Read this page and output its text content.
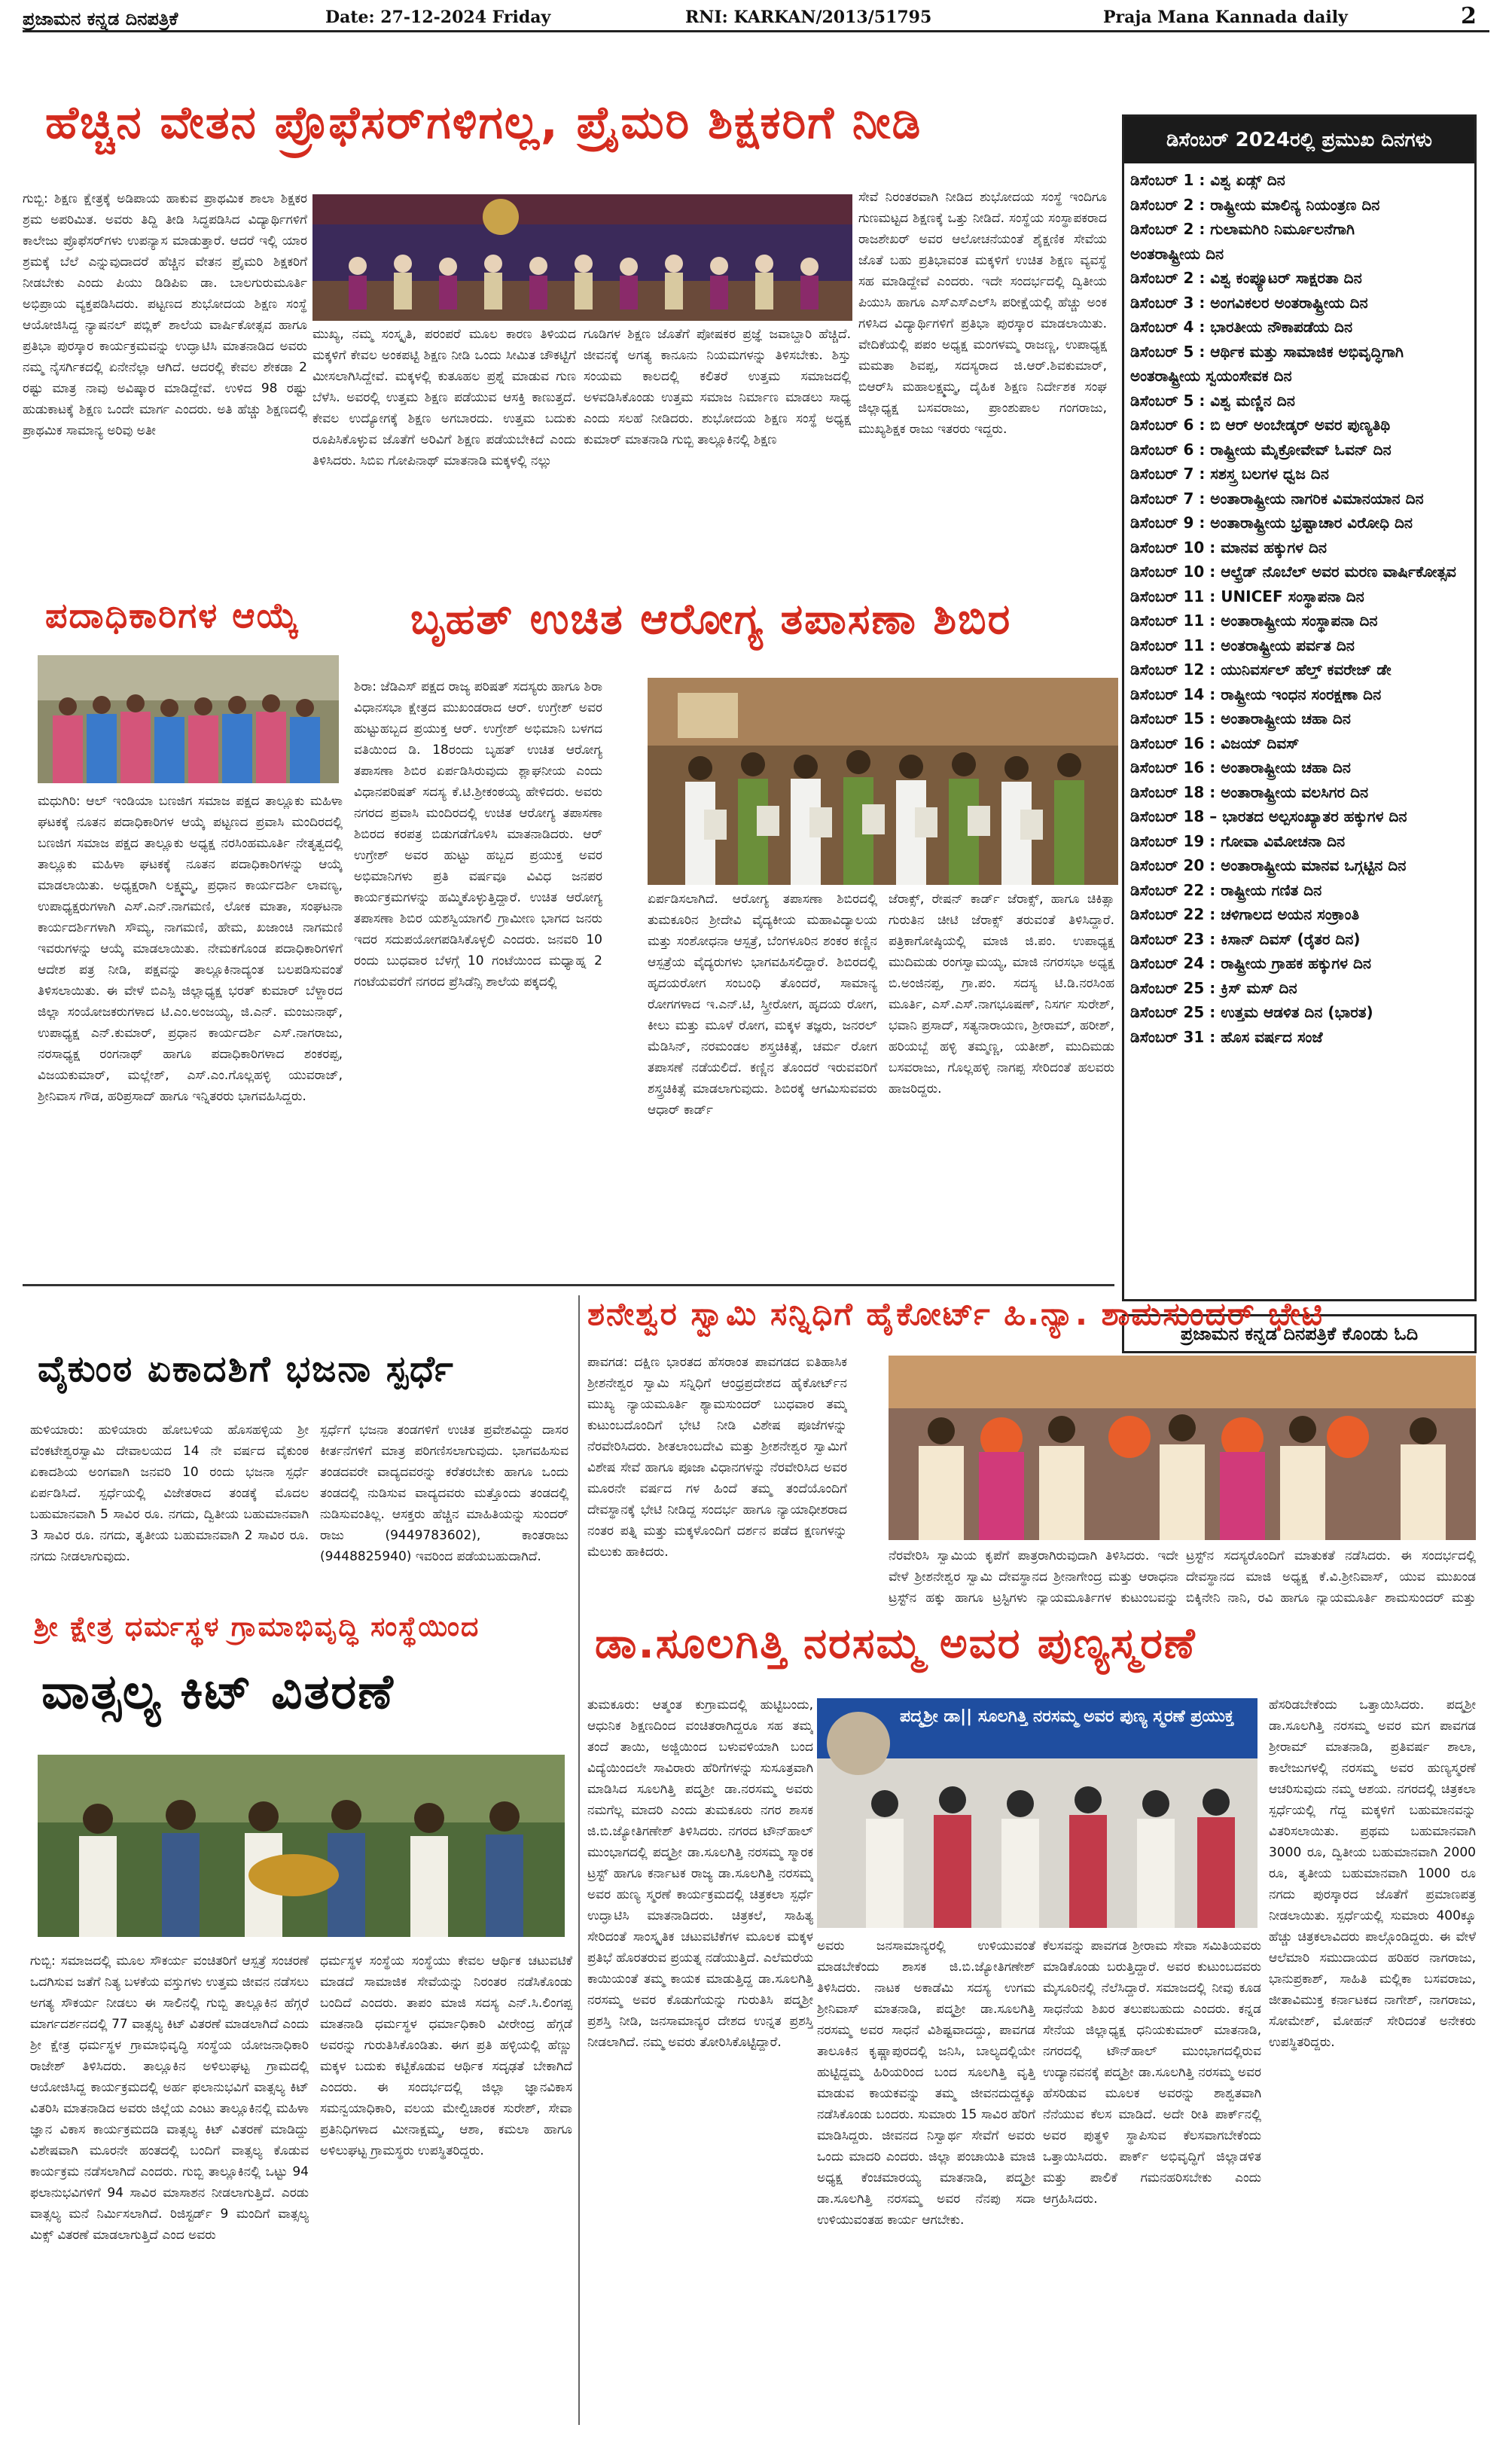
ಪ್ರಜಾಮನ ಕನ್ನಡ ದಿನಪತ್ರಿಕೆ	Date: 27-12-2024 Friday	RNI: KARKAN/2013/51795	Praja Mana Kannada daily	2
ಹೆಚ್ಚಿನ ವೇತನ ಪ್ರೊಫೆಸರ್‌ಗಳಿಗಲ್ಲ, ಪ್ರೈಮರಿ ಶಿಕ್ಷಕರಿಗೆ ನೀಡಿ
ಗುಬ್ಬಿ: ಶಿಕ್ಷಣ ಕ್ಷೇತ್ರಕ್ಕೆ ಅಡಿಪಾಯ ಹಾಕುವ ಪ್ರಾಥಮಿಕ ಶಾಲಾ ಶಿಕ್ಷಕರ ಶ್ರಮ ಅಪರಿಮಿತ. ಅವರು ತಿದ್ದಿ ತೀಡಿ ಸಿದ್ಧಪಡಿಸಿದ ವಿದ್ಯಾರ್ಥಿಗಳಿಗೆ ಕಾಲೇಜು ಪ್ರೊಫೆಸರ್‌ಗಳು ಉಪನ್ಯಾಸ ಮಾಡುತ್ತಾರೆ. ಆದರೆ ಇಲ್ಲಿ ಯಾರ ಶ್ರಮಕ್ಕೆ ಬೆಲೆ ಎನ್ನುವುದಾದರೆ ಹೆಚ್ಚಿನ ವೇತನ ಪ್ರೈಮರಿ ಶಿಕ್ಷಕರಿಗೆ ನೀಡಬೇಕು ಎಂದು ಪಿಯು ಡಿಡಿಪಿಐ ಡಾ. ಬಾಲಗುರುಮೂರ್ತಿ ಅಭಿಪ್ರಾಯ ವ್ಯಕ್ತಪಡಿಸಿದರು. ಪಟ್ಟಣದ ಶುಭೋದಯ ಶಿಕ್ಷಣ ಸಂಸ್ಥೆ ಆಯೋಜಿಸಿದ್ದ ನ್ಯಾಷನಲ್ ಪಬ್ಲಿಕ್ ಶಾಲೆಯ ವಾರ್ಷಿಕೋತ್ಸವ ಹಾಗೂ ಪ್ರತಿಭಾ ಪುರಸ್ಕಾರ ಕಾರ್ಯಕ್ರಮವನ್ನು ಉದ್ಘಾಟಿಸಿ ಮಾತನಾಡಿದ ಅವರು ನಮ್ಮ ನೈಸರ್ಗಿಕದಲ್ಲಿ ಏನೇನೆಲ್ಲಾ ಆಗಿದೆ. ಆದರಲ್ಲಿ ಕೇವಲ ಶೇಕಡಾ 2 ರಷ್ಟು ಮಾತ್ರ ನಾವು ಅವಿಷ್ಕಾರ ಮಾಡಿದ್ದೇವೆ. ಉಳಿದ 98 ರಷ್ಟು ಹುಡುಕಾಟಕ್ಕೆ ಶಿಕ್ಷಣ ಒಂದೇ ಮಾರ್ಗ ಎಂದರು. ಅತಿ ಹೆಚ್ಚು ಶಿಕ್ಷಣದಲ್ಲಿ ಪ್ರಾಥಮಿಕ ಸಾಮಾನ್ಯ ಅರಿವು ಅತೀ
ಮುಖ್ಯ, ನಮ್ಮ ಸಂಸ್ಕೃತಿ, ಪರಂಪರೆ ಮೂಲ ಕಾರಣ ತಿಳಿಯದ ಮಕ್ಕಳಿಗೆ ಕೇವಲ ಅಂಕಪಟ್ಟಿ ಶಿಕ್ಷಣ ನೀಡಿ ಒಂದು ಸೀಮಿತ ಚೌಕಟ್ಟಿಗೆ ಮೀಸಲಾಗಿಸಿದ್ದೇವೆ. ಮಕ್ಕಳಲ್ಲಿ ಕುತೂಹಲ ಪ್ರಶ್ನೆ ಮಾಡುವ ಗುಣ ಬೆಳೆಸಿ. ಅವರಲ್ಲಿ ಉತ್ತಮ ಶಿಕ್ಷಣ ಪಡೆಯುವ ಆಸಕ್ತಿ ಕಾಣುತ್ತದೆ. ಕೇವಲ ಉದ್ಯೋಗಕ್ಕೆ ಶಿಕ್ಷಣ ಅಗಬಾರದು. ಉತ್ತಮ ಬದುಕು ರೂಪಿಸಿಕೊಳ್ಳುವ ಜೊತೆಗೆ ಅರಿವಿಗೆ ಶಿಕ್ಷಣ ಪಡೆಯಬೇಕಿದೆ ಎಂದು ತಿಳಿಸಿದರು. ಸಿಬಿಐ ಗೋಪಿನಾಥ್ ಮಾತನಾಡಿ ಮಕ್ಕಳಲ್ಲಿ ನಲ್ಲು
ಗೂಡಿಗಳ ಶಿಕ್ಷಣ ಜೊತೆಗೆ ಪೋಷಕರ ಪ್ರಜ್ಞೆ ಜವಾಬ್ದಾರಿ ಹೆಚ್ಚಿದೆ. ಜೀವನಕ್ಕೆ ಅಗತ್ಯ ಕಾನೂನು ನಿಯಮಗಳನ್ನು ತಿಳಿಸಬೇಕು. ಶಿಸ್ತು ಸಂಯಮ ಕಾಲದಲ್ಲಿ ಕಲಿತರೆ ಉತ್ತಮ ಸಮಾಜದಲ್ಲಿ ಅಳವಡಿಸಿಕೊಂಡು ಉತ್ತಮ ಸಮಾಜ ನಿರ್ಮಾಣ ಮಾಡಲು ಸಾಧ್ಯ ಎಂದು ಸಲಹೆ ನೀಡಿದರು. ಶುಭೋದಯ ಶಿಕ್ಷಣ ಸಂಸ್ಥೆ ಅಧ್ಯಕ್ಷ ಕುಮಾರ್ ಮಾತನಾಡಿ ಗುಬ್ಬಿ ತಾಲ್ಲೂಕಿನಲ್ಲಿ ಶಿಕ್ಷಣ
ಸೇವೆ ನಿರಂತರವಾಗಿ ನೀಡಿದ ಶುಭೋದಯ ಸಂಸ್ಥೆ ಇಂದಿಗೂ ಗುಣಮಟ್ಟದ ಶಿಕ್ಷಣಕ್ಕೆ ಒತ್ತು ನೀಡಿದೆ. ಸಂಸ್ಥೆಯ ಸಂಸ್ಥಾಪಕರಾದ ರಾಜಶೇಖರ್ ಅವರ ಆಲೋಚನೆಯಂತೆ ಶೈಕ್ಷಣಿಕ ಸೇವೆಯ ಜೊತೆ ಬಹು ಪ್ರತಿಭಾವಂತ ಮಕ್ಕಳಿಗೆ ಉಚಿತ ಶಿಕ್ಷಣ ವ್ಯವಸ್ಥೆ ಸಹ ಮಾಡಿದ್ದೇವೆ ಎಂದರು. ಇದೇ ಸಂದರ್ಭದಲ್ಲಿ ದ್ವಿತೀಯ ಪಿಯುಸಿ ಹಾಗೂ ಎಸ್ಎಸ್ಎಲ್‌ಸಿ ಪರೀಕ್ಷೆಯಲ್ಲಿ ಹೆಚ್ಚು ಅಂಕ ಗಳಿಸಿದ ವಿದ್ಯಾರ್ಥಿಗಳಿಗೆ ಪ್ರತಿಭಾ ಪುರಸ್ಕಾರ ಮಾಡಲಾಯಿತು. ವೇದಿಕೆಯಲ್ಲಿ ಪಪಂ ಅಧ್ಯಕ್ಷ ಮಂಗಳಮ್ಮ ರಾಜಣ್ಣ, ಉಪಾಧ್ಯಕ್ಷ ಮಮತಾ ಶಿವಪ್ಪ, ಸದಸ್ಯರಾದ ಜಿ.ಆರ್.ಶಿವಕುಮಾರ್, ಬಿಆರ್‌ಸಿ ಮಹಾಲಕ್ಷ್ಮಮ್ಮ, ದೈಹಿಕ ಶಿಕ್ಷಣ ನಿರ್ದೇಶಕ ಸಂಘ ಜಿಲ್ಲಾಧ್ಯಕ್ಷ ಬಸವರಾಜು, ಪ್ರಾಂಶುಪಾಲ ಗಂಗರಾಜು, ಮುಖ್ಯಶಿಕ್ಷಕ ರಾಜು ಇತರರು ಇದ್ದರು.
ಡಿಸೆಂಬರ್ 2024ರಲ್ಲಿ ಪ್ರಮುಖ ದಿನಗಳು
ಡಿಸೆಂಬರ್ 1 : ವಿಶ್ವ ಏಡ್ಸ್ ದಿನ
ಡಿಸೆಂಬರ್ 2 : ರಾಷ್ಟ್ರೀಯ ಮಾಲಿನ್ಯ ನಿಯಂತ್ರಣ ದಿನ
ಡಿಸೆಂಬರ್ 2 : ಗುಲಾಮಗಿರಿ ನಿರ್ಮೂಲನೆಗಾಗಿ
ಅಂತರಾಷ್ಟ್ರೀಯ ದಿನ
ಡಿಸೆಂಬರ್ 2 : ವಿಶ್ವ ಕಂಪ್ಯೂಟರ್ ಸಾಕ್ಷರತಾ ದಿನ
ಡಿಸೆಂಬರ್ 3 : ಅಂಗವಿಕಲರ ಅಂತರಾಷ್ಟ್ರೀಯ ದಿನ
ಡಿಸೆಂಬರ್ 4 : ಭಾರತೀಯ ನೌಕಾಪಡೆಯ ದಿನ
ಡಿಸೆಂಬರ್ 5 : ಆರ್ಥಿಕ ಮತ್ತು ಸಾಮಾಜಿಕ ಅಭಿವೃದ್ಧಿಗಾಗಿ
ಅಂತರಾಷ್ಟ್ರೀಯ ಸ್ವಯಂಸೇವಕ ದಿನ
ಡಿಸೆಂಬರ್ 5 : ವಿಶ್ವ ಮಣ್ಣಿನ ದಿನ
ಡಿಸೆಂಬರ್ 6 : ಬಿ ಆರ್ ಅಂಬೇಡ್ಕರ್ ಅವರ ಪುಣ್ಯತಿಥಿ
ಡಿಸೆಂಬರ್ 6 : ರಾಷ್ಟ್ರೀಯ ಮೈಕ್ರೋವೇವ್ ಓವನ್ ದಿನ
ಡಿಸೆಂಬರ್ 7 : ಸಶಸ್ತ್ರ ಬಲಗಳ ಧ್ವಜ ದಿನ
ಡಿಸೆಂಬರ್ 7 : ಅಂತಾರಾಷ್ಟ್ರೀಯ ನಾಗರಿಕ ವಿಮಾನಯಾನ ದಿನ
ಡಿಸೆಂಬರ್ 9 : ಅಂತಾರಾಷ್ಟ್ರೀಯ ಭ್ರಷ್ಟಾಚಾರ ವಿರೋಧಿ ದಿನ
ಡಿಸೆಂಬರ್ 10 : ಮಾನವ ಹಕ್ಕುಗಳ ದಿನ
ಡಿಸೆಂಬರ್ 10 : ಆಲ್ಫ್ರೆಡ್ ನೊಬೆಲ್ ಅವರ ಮರಣ ವಾರ್ಷಿಕೋತ್ಸವ
ಡಿಸೆಂಬರ್ 11 : UNICEF ಸಂಸ್ಥಾಪನಾ ದಿನ
ಡಿಸೆಂಬರ್ 11 : ಅಂತಾರಾಷ್ಟ್ರೀಯ ಸಂಸ್ಥಾಪನಾ ದಿನ
ಡಿಸೆಂಬರ್ 11 : ಅಂತರಾಷ್ಟ್ರೀಯ ಪರ್ವತ ದಿನ
ಡಿಸೆಂಬರ್ 12 : ಯುನಿವರ್ಸಲ್ ಹೆಲ್ತ್ ಕವರೇಜ್ ಡೇ
ಡಿಸೆಂಬರ್ 14 : ರಾಷ್ಟ್ರೀಯ ಇಂಧನ ಸಂರಕ್ಷಣಾ ದಿನ
ಡಿಸೆಂಬರ್ 15 : ಅಂತಾರಾಷ್ಟ್ರೀಯ ಚಹಾ ದಿನ
ಡಿಸೆಂಬರ್ 16 : ವಿಜಯ್ ದಿವಸ್
ಡಿಸೆಂಬರ್ 16 : ಅಂತಾರಾಷ್ಟ್ರೀಯ ಚಹಾ ದಿನ
ಡಿಸೆಂಬರ್ 18 : ಅಂತಾರಾಷ್ಟ್ರೀಯ ವಲಸಿಗರ ದಿನ
ಡಿಸೆಂಬರ್ 18 – ಭಾರತದ ಅಲ್ಪಸಂಖ್ಯಾತರ ಹಕ್ಕುಗಳ ದಿನ
ಡಿಸೆಂಬರ್ 19 : ಗೋವಾ ವಿಮೋಚನಾ ದಿನ
ಡಿಸೆಂಬರ್ 20 : ಅಂತಾರಾಷ್ಟ್ರೀಯ ಮಾನವ ಒಗ್ಗಟ್ಟಿನ ದಿನ
ಡಿಸೆಂಬರ್ 22 : ರಾಷ್ಟ್ರೀಯ ಗಣಿತ ದಿನ
ಡಿಸೆಂಬರ್ 22 : ಚಳಿಗಾಲದ ಅಯನ ಸಂಕ್ರಾಂತಿ
ಡಿಸೆಂಬರ್ 23 : ಕಿಸಾನ್ ದಿವಸ್ (ರೈತರ ದಿನ)
ಡಿಸೆಂಬರ್ 24 : ರಾಷ್ಟ್ರೀಯ ಗ್ರಾಹಕ ಹಕ್ಕುಗಳ ದಿನ
ಡಿಸೆಂಬರ್ 25 : ಕ್ರಿಸ್ ಮಸ್ ದಿನ
ಡಿಸೆಂಬರ್ 25 : ಉತ್ತಮ ಆಡಳಿತ ದಿನ (ಭಾರತ)
ಡಿಸೆಂಬರ್ 31 : ಹೊಸ ವರ್ಷದ ಸಂಜೆ
ಪ್ರಜಾಮನ ಕನ್ನಡ ದಿನಪತ್ರಿಕೆ ಕೊಂಡು ಓದಿ
ಪದಾಧಿಕಾರಿಗಳ ಆಯ್ಕೆ
ಮಧುಗಿರಿ: ಆಲ್ ಇಂಡಿಯಾ ಬಣಜಿಗ ಸಮಾಜ ಪಕ್ಷದ ತಾಲ್ಲೂಕು ಮಹಿಳಾ ಘಟಕಕ್ಕೆ ನೂತನ ಪದಾಧಿಕಾರಿಗಳ ಆಯ್ಕೆ ಪಟ್ಟಣದ ಪ್ರವಾಸಿ ಮಂದಿರದಲ್ಲಿ ಬಣಜಿಗ ಸಮಾಜ ಪಕ್ಷದ ತಾಲ್ಲೂಕು ಅಧ್ಯಕ್ಷ ನರಸಿಂಹಮೂರ್ತಿ ನೇತೃತ್ವದಲ್ಲಿ ತಾಲ್ಲೂಕು ಮಹಿಳಾ ಘಟಕಕ್ಕೆ ನೂತನ ಪದಾಧಿಕಾರಿಗಳನ್ನು ಆಯ್ಕೆ ಮಾಡಲಾಯಿತು. ಅಧ್ಯಕ್ಷರಾಗಿ ಲಕ್ಷ್ಮಮ್ಮ, ಪ್ರಧಾನ ಕಾರ್ಯದರ್ಶಿ ಲಾವಣ್ಯ, ಉಪಾಧ್ಯಕ್ಷರುಗಳಾಗಿ ಎಸ್.ಎನ್.ನಾಗಮಣಿ, ಲೋಕ ಮಾತಾ, ಸಂಘಟನಾ ಕಾರ್ಯದರ್ಶಿಗಳಾಗಿ ಸೌಮ್ಯ, ನಾಗಮಣಿ, ಹೇಮ, ಖಜಾಂಚಿ ನಾಗಮಣಿ ಇವರುಗಳನ್ನು ಆಯ್ಕೆ ಮಾಡಲಾಯಿತು. ನೇಮಕಗೊಂಡ ಪದಾಧಿಕಾರಿಗಳಿಗೆ ಆದೇಶ ಪತ್ರ ನೀಡಿ, ಪಕ್ಷವನ್ನು ತಾಲ್ಲೂಕಿನಾದ್ಯಂತ ಬಲಪಡಿಸುವಂತೆ ತಿಳಿಸಲಾಯಿತು. ಈ ವೇಳೆ ಬಿಎಸ್ಪಿ ಜಿಲ್ಲಾಧ್ಯಕ್ಷ ಭರತ್ ಕುಮಾರ್ ಬೆಳ್ದಾರದ ಜಿಲ್ಲಾ ಸಂಯೋಜಕರುಗಳಾದ ಟಿ.ಎಂ.ಅಂಜಯ್ಯ, ಜಿ.ಎನ್. ಮಂಜುನಾಥ್, ಉಪಾಧ್ಯಕ್ಷ ಎನ್.ಕುಮಾರ್, ಪ್ರಧಾನ ಕಾರ್ಯದರ್ಶಿ ಎಸ್.ನಾಗರಾಜು, ನರಸಾಧ್ಯಕ್ಷ ರಂಗನಾಥ್ ಹಾಗೂ ಪದಾಧಿಕಾರಿಗಳಾದ ಶಂಕರಪ್ಪ, ವಿಜಯಕುಮಾರ್, ಮಲ್ಲೇಶ್, ಎಸ್.ಎಂ.ಗೊಲ್ಲಹಳ್ಳಿ ಯುವರಾಜ್, ಶ್ರೀನಿವಾಸ ಗೌಡ, ಹರಿಪ್ರಸಾದ್ ಹಾಗೂ ಇನ್ನಿತರರು ಭಾಗವಹಿಸಿದ್ದರು.
ಬೃಹತ್ ಉಚಿತ ಆರೋಗ್ಯ ತಪಾಸಣಾ ಶಿಬಿರ
ಶಿರಾ: ಜೆಡಿಎಸ್ ಪಕ್ಷದ ರಾಜ್ಯ ಪರಿಷತ್ ಸದಸ್ಯರು ಹಾಗೂ ಶಿರಾ ವಿಧಾನಸಭಾ ಕ್ಷೇತ್ರದ ಮುಖಂಡರಾದ ಆರ್. ಉಗ್ರೇಶ್ ಅವರ ಹುಟ್ಟುಹಬ್ಬದ ಪ್ರಯುಕ್ತ ಆರ್. ಉಗ್ರೇಶ್ ಅಭಿಮಾನಿ ಬಳಗದ ವತಿಯಿಂದ ಡಿ. 18ರಂದು ಬೃಹತ್ ಉಚಿತ ಆರೋಗ್ಯ ತಪಾಸಣಾ ಶಿಬಿರ ಏರ್ಪಡಿಸಿರುವುದು ಶ್ಲಾಘನೀಯ ಎಂದು ವಿಧಾನಪರಿಷತ್ ಸದಸ್ಯ ಕೆ.ಟಿ.ಶ್ರೀಕಂಠಯ್ಯ ಹೇಳಿದರು. ಅವರು ನಗರದ ಪ್ರವಾಸಿ ಮಂದಿರದಲ್ಲಿ ಉಚಿತ ಆರೋಗ್ಯ ತಪಾಸಣಾ ಶಿಬಿರದ ಕರಪತ್ರ ಬಿಡುಗಡೆಗೊಳಿಸಿ ಮಾತನಾಡಿದರು. ಆರ್ ಉಗ್ರೇಶ್ ಅವರ ಹುಟ್ಟು ಹಬ್ಬದ ಪ್ರಯುಕ್ತ ಅವರ ಅಭಿಮಾನಿಗಳು ಪ್ರತಿ ವರ್ಷವೂ ವಿವಿಧ ಜನಪರ ಕಾರ್ಯಕ್ರಮಗಳನ್ನು ಹಮ್ಮಿಕೊಳ್ಳುತ್ತಿದ್ದಾರೆ. ಉಚಿತ ಆರೋಗ್ಯ ತಪಾಸಣಾ ಶಿಬಿರ ಯಶಸ್ವಿಯಾಗಲಿ ಗ್ರಾಮೀಣ ಭಾಗದ ಜನರು ಇದರ ಸದುಪಯೋಗಪಡಿಸಿಕೊಳ್ಳಲಿ ಎಂದರು. ಜನವರಿ 10 ರಂದು ಬುಧವಾರ ಬೆಳಗ್ಗೆ 10 ಗಂಟೆಯಿಂದ ಮಧ್ಯಾಹ್ನ 2 ಗಂಟೆಯವರೆಗೆ ನಗರದ ಪ್ರೆಸಿಡೆನ್ಸಿ ಶಾಲೆಯ ಪಕ್ಕದಲ್ಲಿ
ಏರ್ಪಡಿಸಲಾಗಿದೆ. ಆರೋಗ್ಯ ತಪಾಸಣಾ ಶಿಬಿರದಲ್ಲಿ ತುಮಕೂರಿನ ಶ್ರೀದೇವಿ ವೈದ್ಯಕೀಯ ಮಹಾವಿದ್ಯಾಲಯ ಮತ್ತು ಸಂಶೋಧನಾ ಆಸ್ಪತ್ರೆ, ಬೆಂಗಳೂರಿನ ಶಂಕರ ಕಣ್ಣಿನ ಆಸ್ಪತ್ರೆಯ ವೈದ್ಯರುಗಳು ಭಾಗವಹಿಸಲಿದ್ದಾರೆ. ಶಿಬಿರದಲ್ಲಿ ಹೃದಯರೋಗ ಸಂಬಂಧಿ ತೊಂದರೆ, ಸಾಮಾನ್ಯ ರೋಗಗಳಾದ ಇ.ಎನ್.ಟಿ, ಸ್ತ್ರೀರೋಗ, ಹೃದಯ ರೋಗ, ಕೀಲು ಮತ್ತು ಮೂಳೆ ರೋಗ, ಮಕ್ಕಳ ತಜ್ಞರು, ಜನರಲ್ ಮೆಡಿಸಿನ್, ನರಮಂಡಲ ಶಸ್ತ್ರಚಿಕಿತ್ಸೆ, ಚರ್ಮ ರೋಗ ತಪಾಸಣೆ ನಡೆಯಲಿದೆ. ಕಣ್ಣಿನ ತೊಂದರೆ ಇರುವವರಿಗೆ ಶಸ್ತ್ರಚಿಕಿತ್ಸೆ ಮಾಡಲಾಗುವುದು. ಶಿಬಿರಕ್ಕೆ ಆಗಮಿಸುವವರು ಆಧಾರ್ ಕಾರ್ಡ್
ಜೆರಾಕ್ಸ್, ರೇಷನ್ ಕಾರ್ಡ್ ಜೆರಾಕ್ಸ್, ಹಾಗೂ ಚಿಕಿತ್ಸಾ ಗುರುತಿನ ಚೀಟಿ ಜೆರಾಕ್ಸ್ ತರುವಂತೆ ತಿಳಿಸಿದ್ದಾರೆ. ಪತ್ರಿಕಾಗೋಷ್ಠಿಯಲ್ಲಿ ಮಾಜಿ ಜಿ.ಪಂ. ಉಪಾಧ್ಯಕ್ಷ ಮುದಿಮಡು ರಂಗಸ್ವಾಮಯ್ಯ, ಮಾಜಿ ನಗರಸಭಾ ಅಧ್ಯಕ್ಷ ಬಿ.ಅಂಜಿನಪ್ಪ, ಗ್ರಾ.ಪಂ. ಸದಸ್ಯ ಟಿ.ಡಿ.ನರಸಿಂಹ ಮೂರ್ತಿ, ಎಸ್.ಎಸ್.ನಾಗಭೂಷಣ್, ನಿಸರ್ಗ ಸುರೇಶ್, ಭವಾನಿ ಪ್ರಸಾದ್, ಸತ್ಯನಾರಾಯಣ, ಶ್ರೀರಾಮ್, ಹರೀಶ್, ಹರಿಯಬ್ಬೆ ಹಳ್ಳಿ ತಮ್ಮಣ್ಣ, ಯತೀಶ್, ಮುದಿಮಡು ಬಸವರಾಜು, ಗೊಲ್ಲಹಳ್ಳಿ ನಾಗಪ್ಪ ಸೇರಿದಂತೆ ಹಲವರು ಹಾಜರಿದ್ದರು.
ವೈಕುಂಠ ಏಕಾದಶಿಗೆ ಭಜನಾ ಸ್ಪರ್ಧೆ
ಹುಳಿಯಾರು: ಹುಳಿಯಾರು ಹೋಬಳಿಯ ಹೊಸಹಳ್ಳಿಯ ಶ್ರೀ ವೆಂಕಟೇಶ್ವರಸ್ವಾಮಿ ದೇವಾಲಯದ 14 ನೇ ವರ್ಷದ ವೈಕುಂಠ ಏಕಾದಶಿಯ ಅಂಗವಾಗಿ ಜನವರಿ 10 ರಂದು ಭಜನಾ ಸ್ಪರ್ಧೆ ಏರ್ಪಡಿಸಿದೆ. ಸ್ಪರ್ಧೆಯಲ್ಲಿ ವಿಜೇತರಾದ ತಂಡಕ್ಕೆ ಮೊದಲ ಬಹುಮಾನವಾಗಿ 5 ಸಾವಿರ ರೂ. ನಗದು, ದ್ವಿತೀಯ ಬಹುಮಾನವಾಗಿ 3 ಸಾವಿರ ರೂ. ನಗದು, ತೃತೀಯ ಬಹುಮಾನವಾಗಿ 2 ಸಾವಿರ ರೂ. ನಗದು ನೀಡಲಾಗುವುದು.
ಸ್ಪರ್ಧೆಗೆ ಭಜನಾ ತಂಡಗಳಿಗೆ ಉಚಿತ ಪ್ರವೇಶವಿದ್ದು ದಾಸರ ಕೀರ್ತನೆಗಳಿಗೆ ಮಾತ್ರ ಪರಿಗಣಿಸಲಾಗುವುದು. ಭಾಗವಹಿಸುವ ತಂಡದವರೇ ವಾದ್ಯದವರನ್ನು ಕರೆತರಬೇಕು ಹಾಗೂ ಒಂದು ತಂಡದಲ್ಲಿ ನುಡಿಸುವ ವಾದ್ಯದವರು ಮತ್ತೊಂದು ತಂಡದಲ್ಲಿ ನುಡಿಸುವಂತಿಲ್ಲ. ಆಸಕ್ತರು ಹೆಚ್ಚಿನ ಮಾಹಿತಿಯನ್ನು ಸುಂದರ್ ರಾಜು (9449783602), ಕಾಂತರಾಜು (9448825940) ಇವರಿಂದ ಪಡೆಯಬಹುದಾಗಿದೆ.
ಶನೇಶ್ವರ ಸ್ವಾಮಿ ಸನ್ನಿಧಿಗೆ ಹೈಕೋರ್ಟ್ ಹಿ.ನ್ಯಾ. ಶಾಮಸುಂದರ್ ಭೇಟಿ
ಪಾವಗಡ: ದಕ್ಷಿಣ ಭಾರತದ ಹೆಸರಾಂತ ಪಾವಗಡದ ಐತಿಹಾಸಿಕ ಶ್ರೀಶನೇಶ್ವರ ಸ್ವಾಮಿ ಸನ್ನಿಧಿಗೆ ಆಂಧ್ರಪ್ರದೇಶದ ಹೈಕೋರ್ಟ್‌ನ ಮುಖ್ಯ ನ್ಯಾಯಮೂರ್ತಿ ಶ್ಯಾಮಸುಂದರ್ ಬುಧವಾರ ತಮ್ಮ ಕುಟುಂಬದೊಂದಿಗೆ ಭೇಟಿ ನೀಡಿ ವಿಶೇಷ ಪೂಜೆಗಳನ್ನು ನೆರವೇರಿಸಿದರು. ಶೀತಲಾಂಬದೇವಿ ಮತ್ತು ಶ್ರೀಶನೇಶ್ವರ ಸ್ವಾಮಿಗೆ ವಿಶೇಷ ಸೇವೆ ಹಾಗೂ ಪೂಜಾ ವಿಧಾನಗಳನ್ನು ನೆರವೇರಿಸಿದ ಅವರ ಮೂರನೇ ವರ್ಷದ ಗಳ ಹಿಂದೆ ತಮ್ಮ ತಂದೆಯೊಂದಿಗೆ ದೇವಸ್ಥಾನಕ್ಕೆ ಭೇಟಿ ನೀಡಿದ್ದ ಸಂದರ್ಭ ಹಾಗೂ ನ್ಯಾಯಾಧೀಶರಾದ ನಂತರ ಪತ್ನಿ ಮತ್ತು ಮಕ್ಕಳೊಂದಿಗೆ ದರ್ಶನ ಪಡೆದ ಕ್ಷಣಗಳನ್ನು ಮೆಲುಕು ಹಾಕಿದರು.	ನೆರವೇರಿಸಿ ಸ್ವಾಮಿಯ ಕೃಪೆಗೆ ಪಾತ್ರರಾಗಿರುವುದಾಗಿ ತಿಳಿಸಿದರು. ಇದೇ ವೇಳೆ ಶ್ರೀಶನೇಶ್ವರ ಸ್ವಾಮಿ ದೇವಸ್ಥಾನದ ಶ್ರೀನಾಗೇಂದ್ರ ಮತ್ತು ಆರಾಧನಾ ಟ್ರಸ್ಟ್‌ನ ಹಕ್ಕು ಹಾಗೂ ಟ್ರಸ್ಟಿಗಳು ನ್ಯಾಯಮೂರ್ತಿಗಳ ಕುಟುಂಬವನ್ನು
ಟ್ರಸ್ಟ್‌ನ ಸದಸ್ಯರೊಂದಿಗೆ ಮಾತುಕತೆ ನಡೆಸಿದರು. ಈ ಸಂದರ್ಭದಲ್ಲಿ ದೇವಸ್ಥಾನದ ಮಾಜಿ ಅಧ್ಯಕ್ಷ ಕೆ.ವಿ.ಶ್ರೀನಿವಾಸ್, ಯುವ ಮುಖಂಡ ಬಿಕ್ಕಿನೇನಿ ನಾನಿ, ರವಿ ಹಾಗೂ ನ್ಯಾಯಮೂರ್ತಿ ಶಾಮಸುಂದರ್ ಮತ್ತು
ಶ್ರೀ ಕ್ಷೇತ್ರ ಧರ್ಮಸ್ಥಳ ಗ್ರಾಮಾಭಿವೃದ್ಧಿ ಸಂಸ್ಥೆಯಿಂದ
ವಾತ್ಸಲ್ಯ ಕಿಟ್ ವಿತರಣೆ
ಗುಬ್ಬಿ: ಸಮಾಜದಲ್ಲಿ ಮೂಲ ಸೌಕರ್ಯ ವಂಚಿತರಿಗೆ ಆಸ್ಪತ್ರೆ ಸಂಚರಣೆ ಒದಗಿಸುವ ಜತೆಗೆ ನಿತ್ಯ ಬಳಕೆಯ ವಸ್ತುಗಳು ಉತ್ತಮ ಜೀವನ ನಡೆಸಲು ಅಗತ್ಯ ಸೌಕರ್ಯ ನೀಡಲು ಈ ಸಾಲಿನಲ್ಲಿ ಗುಬ್ಬಿ ತಾಲ್ಲೂಕಿನ ಹೆಗ್ಗರೆ ಮಾರ್ಗದರ್ಶನದಲ್ಲಿ 77 ವಾತ್ಸಲ್ಯ ಕಿಟ್ ವಿತರಣೆ ಮಾಡಲಾಗಿದೆ ಎಂದು ಶ್ರೀ ಕ್ಷೇತ್ರ ಧರ್ಮಸ್ಥಳ ಗ್ರಾಮಾಭಿವೃದ್ಧಿ ಸಂಸ್ಥೆಯ ಯೋಜನಾಧಿಕಾರಿ ರಾಜೇಶ್ ತಿಳಿಸಿದರು. ತಾಲ್ಲೂಕಿನ ಅಳಿಲುಘಟ್ಟ ಗ್ರಾಮದಲ್ಲಿ ಆಯೋಜಿಸಿದ್ದ ಕಾರ್ಯಕ್ರಮದಲ್ಲಿ ಅರ್ಹ ಫಲಾನುಭವಿಗೆ ವಾತ್ಸಲ್ಯ ಕಿಟ್ ವಿತರಿಸಿ ಮಾತನಾಡಿದ ಅವರು ಜಿಲ್ಲೆಯ ಎಂಟು ತಾಲ್ಲೂಕಿನಲ್ಲಿ ಮಹಿಳಾ ಜ್ಞಾನ ವಿಕಾಸ ಕಾರ್ಯಕ್ರಮದಡಿ ವಾತ್ಸಲ್ಯ ಕಿಟ್ ವಿತರಣೆ ಮಾಡಿದ್ದು ವಿಶೇಷವಾಗಿ ಮೂರನೇ ಹಂತದಲ್ಲಿ ಬಂದಿಗೆ ವಾತ್ಸಲ್ಯ ಕೊಡುವ ಕಾರ್ಯಕ್ರಮ ನಡೆಸಲಾಗಿದೆ ಎಂದರು. ಗುಬ್ಬಿ ತಾಲ್ಲೂಕಿನಲ್ಲಿ ಒಟ್ಟು 94 ಫಲಾನುಭವಿಗಳಿಗೆ 94 ಸಾವಿರ ಮಾಸಾಶನ ನೀಡಲಾಗುತ್ತಿದೆ. ಎರಡು ವಾತ್ಸಲ್ಯ ಮನೆ ನಿರ್ಮಿಸಲಾಗಿದೆ. ರಿಜಿಸ್ಟರ್ಡ್ 9 ಮಂದಿಗೆ ವಾತ್ಸಲ್ಯ ಮಿಕ್ಸ್ ವಿತರಣೆ ಮಾಡಲಾಗುತ್ತಿದೆ ಎಂದ ಅವರು
ಧರ್ಮಸ್ಥಳ ಸಂಸ್ಥೆಯ ಸಂಸ್ಥೆಯು ಕೇವಲ ಆರ್ಥಿಕ ಚಟುವಟಿಕೆ ಮಾಡದೆ ಸಾಮಾಜಿಕ ಸೇವೆಯನ್ನು ನಿರಂತರ ನಡೆಸಿಕೊಂಡು ಬಂದಿದೆ ಎಂದರು. ತಾಪಂ ಮಾಜಿ ಸದಸ್ಯ ಎನ್.ಸಿ.ಲಿಂಗಪ್ಪ ಮಾತನಾಡಿ ಧರ್ಮಸ್ಥಳ ಧರ್ಮಾಧಿಕಾರಿ ವೀರೇಂದ್ರ ಹೆಗ್ಗಡೆ ಅವರನ್ನು ಗುರುತಿಸಿಕೊಂಡಿತು. ಈಗ ಪ್ರತಿ ಹಳ್ಳಿಯಲ್ಲಿ ಹೆಣ್ಣು ಮಕ್ಕಳ ಬದುಕು ಕಟ್ಟಿಕೊಡುವ ಆರ್ಥಿಕ ಸದೃಢತೆ ಬೇಕಾಗಿದೆ ಎಂದರು. ಈ ಸಂದರ್ಭದಲ್ಲಿ ಜಿಲ್ಲಾ ಜ್ಞಾನವಿಕಾಸ ಸಮನ್ವಯಾಧಿಕಾರಿ, ವಲಯ ಮೇಲ್ವಿಚಾರಕ ಸುರೇಶ್, ಸೇವಾ ಪ್ರತಿನಿಧಿಗಳಾದ ಮೀನಾಕ್ಷಮ್ಮ, ಆಶಾ, ಕಮಲಾ ಹಾಗೂ ಅಳಿಲುಘಟ್ಟ ಗ್ರಾಮಸ್ಥರು ಉಪಸ್ಥಿತರಿದ್ದರು.
ಡಾ.ಸೂಲಗಿತ್ತಿ ನರಸಮ್ಮ ಅವರ ಪುಣ್ಯಸ್ಮರಣೆ
ತುಮಕೂರು: ಆತ್ಮಂತ ಕುಗ್ರಾಮದಲ್ಲಿ ಹುಟ್ಟಿಬಂದು, ಆಧುನಿಕ ಶಿಕ್ಷಣದಿಂದ ವಂಚಿತರಾಗಿದ್ದರೂ ಸಹ ತಮ್ಮ ತಂದೆ ತಾಯಿ, ಅಜ್ಜಿಯಿಂದ ಬಳುವಳಿಯಾಗಿ ಬಂದ ವಿದ್ಯೆಯಿಂದಲೇ ಸಾವಿರಾರು ಹೆರಿಗೆಗಳನ್ನು ಸುಸೂತ್ರವಾಗಿ ಮಾಡಿಸಿದ ಸೂಲಗಿತ್ತಿ ಪದ್ಮಶ್ರೀ ಡಾ.ನರಸಮ್ಮ ಅವರು ನಮಗೆಲ್ಲ ಮಾದರಿ ಎಂದು ತುಮಕೂರು ನಗರ ಶಾಸಕ ಜಿ.ಬಿ.ಜ್ಯೋತಿಗಣೇಶ್ ತಿಳಿಸಿದರು. ನಗರದ ಟೌನ್‌ಹಾಲ್ ಮುಂಭಾಗದಲ್ಲಿ ಪದ್ಮಶ್ರೀ ಡಾ.ಸೂಲಗಿತ್ತಿ ನರಸಮ್ಮ ಸ್ಮಾರಕ ಟ್ರಸ್ಟ್ ಹಾಗೂ ಕರ್ನಾಟಕ ರಾಜ್ಯ ಡಾ.ಸೂಲಗಿತ್ತಿ ನರಸಮ್ಮ ಅವರ ಹುಣ್ಯ ಸ್ಮರಣೆ ಕಾರ್ಯಕ್ರಮದಲ್ಲಿ ಚಿತ್ರಕಲಾ ಸ್ಪರ್ಧೆ ಉದ್ಘಾಟಿಸಿ ಮಾತನಾಡಿದರು. ಚಿತ್ರಕಲೆ, ಸಾಹಿತ್ಯ ಸೇರಿದಂತೆ ಸಾಂಸ್ಕೃತಿಕ ಚಟುವಟಿಕೆಗಳ ಮೂಲಕ ಮಕ್ಕಳ ಪ್ರತಿಭೆ ಹೊರತರುವ ಪ್ರಯತ್ನ ನಡೆಯುತ್ತಿದೆ. ಎಲೆಮರೆಯ ಕಾಯಿಯಂತೆ ತಮ್ಮ ಕಾಯಕ ಮಾಡುತ್ತಿದ್ದ ಡಾ.ಸೂಲಗಿತ್ತಿ ನರಸಮ್ಮ ಅವರ ಕೊಡುಗೆಯನ್ನು ಗುರುತಿಸಿ ಪದ್ಮಶ್ರೀ ಪ್ರಶಸ್ತಿ ನೀಡಿ, ಜನಸಾಮಾನ್ಯರ ದೇಶದ ಉನ್ನತ ಪ್ರಶಸ್ತಿ ನೀಡಲಾಗಿದೆ. ನಮ್ಮ ಅವರು ತೋರಿಸಿಕೊಟ್ಟಿದ್ದಾರೆ.
ಪದ್ಮಶ್ರೀ ಡಾ|| ಸೂಲಗಿತ್ತಿ ನರಸಮ್ಮ ಅವರ ಪುಣ್ಯ ಸ್ಮರಣೆ ಪ್ರಯುಕ್ತ
ಅವರು ಜನಸಾಮಾನ್ಯರಲ್ಲಿ ಉಳಿಯುವಂತೆ ಮಾಡಬೇಕೆಂದು ಶಾಸಕ ಜಿ.ಬಿ.ಜ್ಯೋತಿಗಣೇಶ್ ತಿಳಿಸಿದರು. ನಾಟಕ ಅಕಾಡೆಮಿ ಸದಸ್ಯ ಉಗಮ ಶ್ರೀನಿವಾಸ್ ಮಾತನಾಡಿ, ಪದ್ಮಶ್ರೀ ಡಾ.ಸೂಲಗಿತ್ತಿ ನರಸಮ್ಮ ಅವರ ಸಾಧನೆ ವಿಶಿಷ್ಟವಾದದ್ದು, ಪಾವಗಡ ತಾಲೂಕಿನ ಕೃಷ್ಣಾಪುರದಲ್ಲಿ ಜನಿಸಿ, ಬಾಲ್ಯದಲ್ಲಿಯೇ ಹುಟ್ಟಿದ್ದಮ್ಮ ಹಿರಿಯರಿಂದ ಬಂದ ಸೂಲಗಿತ್ತಿ ವೃತ್ತಿ ಮಾಡುವ ಕಾಯಕವನ್ನು ತಮ್ಮ ಜೀವನದುದ್ದಕ್ಕೂ ನಡೆಸಿಕೊಂಡು ಬಂದರು. ಸುಮಾರು 15 ಸಾವಿರ ಹೆರಿಗೆ ಮಾಡಿಸಿದ್ದರು. ಜೀವನದ ನಿಸ್ವಾರ್ಥ ಸೇವೆಗೆ ಅವರು ಒಂದು ಮಾದರಿ ಎಂದರು. ಜಿಲ್ಲಾ ಪಂಚಾಯಿತಿ ಮಾಜಿ ಅಧ್ಯಕ್ಷ ಕೆಂಚಮಾರಯ್ಯ ಮಾತನಾಡಿ, ಪದ್ಮಶ್ರೀ ಡಾ.ಸೂಲಗಿತ್ತಿ ನರಸಮ್ಮ ಅವರ ನೆನಪು ಸದಾ ಉಳಿಯುವಂತಹ ಕಾರ್ಯ ಆಗಬೇಕು.
ಕೆಲಸವನ್ನು ಪಾವಗಡ ಶ್ರೀರಾಮ ಸೇವಾ ಸಮಿತಿಯವರು ಮಾಡಿಕೊಂಡು ಬರುತ್ತಿದ್ದಾರೆ. ಅವರ ಕುಟುಂಬದವರು ಮೈಸೂರಿನಲ್ಲಿ ನೆಲೆಸಿದ್ದಾರೆ. ಸಮಾಜದಲ್ಲಿ ನೀವು ಕೂಡ ಸಾಧನೆಯ ಶಿಖರ ತಲುಪಬಹುದು ಎಂದರು. ಕನ್ನಡ ಸೇನೆಯ ಜಿಲ್ಲಾಧ್ಯಕ್ಷ ಧನಿಯಕುಮಾರ್ ಮಾತನಾಡಿ, ನಗರದಲ್ಲಿ ಟೌನ್‌ಹಾಲ್ ಮುಂಭಾಗದಲ್ಲಿರುವ ಉದ್ಯಾನವನಕ್ಕೆ ಪದ್ಮಶ್ರೀ ಡಾ.ಸೂಲಗಿತ್ತಿ ನರಸಮ್ಮ ಅವರ ಹೆಸರಿಡುವ ಮೂಲಕ ಅವರನ್ನು ಶಾಶ್ವತವಾಗಿ ನೆನೆಯುವ ಕೆಲಸ ಮಾಡಿದೆ. ಅದೇ ರೀತಿ ಪಾರ್ಕ್‌ನಲ್ಲಿ ಅವರ ಪುತ್ಥಳಿ ಸ್ಥಾಪಿಸುವ ಕೆಲಸವಾಗಬೇಕೆಂದು ಒತ್ತಾಯಿಸಿದರು. ಪಾರ್ಕ್ ಅಭಿವೃದ್ಧಿಗೆ ಜಿಲ್ಲಾಡಳಿತ ಮತ್ತು ಪಾಲಿಕೆ ಗಮನಹರಿಸಬೇಕು ಎಂದು ಆಗ್ರಹಿಸಿದರು.
ಹೆಸರಿಡಬೇಕೆಂದು ಒತ್ತಾಯಿಸಿದರು. ಪದ್ಮಶ್ರೀ ಡಾ.ಸೂಲಗಿತ್ತಿ ನರಸಮ್ಮ ಅವರ ಮಗ ಪಾವಗಡ ಶ್ರೀರಾಮ್ ಮಾತನಾಡಿ, ಪ್ರತಿವರ್ಷ ಶಾಲಾ, ಕಾಲೇಜುಗಳಲ್ಲಿ ನರಸಮ್ಮ ಅವರ ಹುಣ್ಯಸ್ಮರಣೆ ಆಚರಿಸುವುದು ನಮ್ಮ ಆಶಯ. ನಗರದಲ್ಲಿ ಚಿತ್ರಕಲಾ ಸ್ಪರ್ಧೆಯಲ್ಲಿ ಗೆದ್ದ ಮಕ್ಕಳಿಗೆ ಬಹುಮಾನವನ್ನು ವಿತರಿಸಲಾಯಿತು. ಪ್ರಥಮ ಬಹುಮಾನವಾಗಿ 3000 ರೂ, ದ್ವಿತೀಯ ಬಹುಮಾನವಾಗಿ 2000 ರೂ, ತೃತೀಯ ಬಹುಮಾನವಾಗಿ 1000 ರೂ ನಗದು ಪುರಸ್ಕಾರದ ಜೊತೆಗೆ ಪ್ರಮಾಣಪತ್ರ ನೀಡಲಾಯಿತು. ಸ್ಪರ್ಧೆಯಲ್ಲಿ ಸುಮಾರು 400ಕ್ಕೂ ಹೆಚ್ಚು ಚಿತ್ರಕಲಾವಿದರು ಪಾಲ್ಗೊಂಡಿದ್ದರು. ಈ ವೇಳೆ ಆಲೆಮಾರಿ ಸಮುದಾಯದ ಹರಿಹರ ನಾಗರಾಜು, ಭಾನುಪ್ರಕಾಶ್, ಸಾಹಿತಿ ಮಲ್ಲಿಕಾ ಬಸವರಾಜು, ಜೀತಾವಿಮುಕ್ತ ಕರ್ನಾಟಕದ ನಾಗೇಶ್, ನಾಗರಾಜು, ಸೋಮೇಶ್, ಮೋಹನ್ ಸೇರಿದಂತೆ ಅನೇಕರು ಉಪಸ್ಥಿತರಿದ್ದರು.
